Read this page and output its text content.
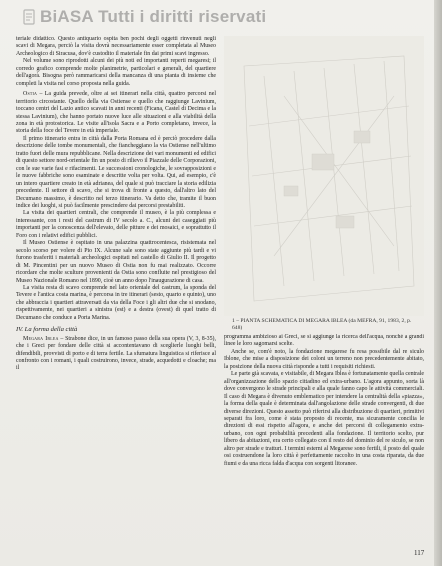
BiASA Tutti i diritti riservati

teriale didattico. Questo antiquario ospita ben pochi degli oggetti rinvenuti negli scavi di Megara, perciò la visita dovrà necessariamente esser completata al Museo Archeologico di Siracusa, dov'è custodito il materiale fin dai primi scavi ingresso.

Nel volume sono riprodotti alcuni dei più noti ed importanti reperti megaresi; il corredo grafico comprende molte planimetrie, particolari e generali, del quartiere dell'agorà. Bisogna però rammaricarsi della mancanza di una pianta di insieme che completi la visita nel corso proposta nella guida.

Ostia – La guida prevede, oltre ai sei itinerari nella città, quattro percorsi nel territorio circostante. Quello della via Ostiense e quello che raggiunge Lavinium, toccano centri del Lazio antico scavati in anni recenti (Ficana, Castel di Decima e la stessa Lavinium), che hanno portato nuove luce alle situazioni e alla viabilità della zona in età protostorica. Le visite all'isola Sacra e a Porto completano, invece, la storia della foce del Tevere in età imperiale.

Il primo itinerario entra in città dalla Porta Romana ed è perciò procedere dalla descrizione delle tombe monumentali, che fiancheggiano la via Ostiense nell'ultimo tratto fuori delle mura repubblicane. Nella descrizione dei vari monumenti ed edifici di questo settore nord-orientale fin un posto di rilievo il Piazzale delle Corporazioni, con le sue varie fasi e rifacimenti. Le successioni cronologiche, le sovrapposizioni e le nuove fabbriche sono esaminate e descritte volta per volta. Qui, ad esempio, c'è un intero quartiere creato in età adrianea, del quale si può tracciare la storia edilizia precedente. Il settore di scavo, che si trova di fronte a questo, dall'altro lato del Decumano massimo, è descritto nel terzo itinerario. Va detto che, tramite il buon indice dei luoghi, si può facilmente prescindere dai percorsi prestabiliti.

La visita dei quartieri centrali, che comprende il museo, è la più complessa e interessante, con i resti del castrum di IV secolo a. C., alcuni dei caseggiati più importanti per la conoscenza dell'elevato, delle pitture e dei mosaici, e soprattutto il Foro con i relativi edifici pubblici.

Il Museo Ostiense è ospitato in una palazzina quattrocentesca, risistemata nel secolo scorso per volere di Pio IX. Alcune sale sono state aggiunte più tardi e vi furono trasferiti i materiali archeologici ospitati nel castello di Giulio II. Il progetto di M. Pincentini per un nuovo Museo di Ostia non fu mai realizzato. Occorre ricordare che molte sculture provenienti da Ostia sono confluite nel prestigioso del Museo Nazionale Romano nel 1890, cioè un anno dopo l'inaugurazione di casa.

La visita resta di scavo comprende nel lato orientale del castrum, la sponda del Tevere e l'antica costa marina, è percorsa in tre itinerari (sesto, quarto e quinto), uno che abbraccia i quartieri attraversati da via della Foce i gli altri due che si snodano, rispettivamente, nei quartieri a sinistra (est) e a destra (ovest) di quel tratto di Decumano che conduce a Porta Marina.

IV. La forma della città

Megara Iblea – Strabone dice, in un famoso passo della sua opera (V, 3, 8-35), che i Greci per fondare delle città si accontentavano di sceglierle luoghi belli, difendibili, provvisti di porto e di terra fertile. La sfumatura linguistica si riferisce al confronto con i romani, i quali costruirono, invece, strade, acquedotti e cloache; ma il

1 – PIANTA SCHEMATICA DI MEGARA IBLEA (da MEFRA, 91, 1983, 2, p. 648)

programma ambizioso ai Greci, se si aggiunge la ricerca dell'acqua, nonché a grandi linee le loro sagomarsi scelte.

Anche se, com'è noto, la fondazione megarese fu resa possibile dal re siculo Iblone, che mise a disposizione dei coloni un terreno non precedentemente abitato, la posizione della nuova città risponde a tutti i requisiti richiesti.

Le parte già scavata, e visitabile, di Megara Iblea è fortunatamente quella centrale all'organizzazione dello spazio cittadino ed extra-urbano. L'agora appunto, sorta là dove convergono le strade principali e alla quale fanno capo le attività commerciali. Il caso di Megara è divenuto emblematico per intendere la centralità della «piazza», la forma della quale è determinata dall'angolazione delle strade convergenti, di due diverse direzioni. Questo assetto può riferirsi alla distribuzione di quartieri, primitivi separati fra loro, come è stata proposto di recente, ma sicuramente concilia le direzioni di essi rispetto all'agora, e anche dei percorsi di collegamento extra-urbano, con ogni probabilità precedenti alla fondazione. Il territorio scelto, pur libero da abitazioni, era certo collegato con il resto del dominio del re siculo, se non altro per strade e tratturi. I termini esterni al Megarese sono fertili, il posto del quale osi costruendone la loro città è perfettamente raccolto in una costa riparata, da due fiumi e da una ricca falda d'acqua con sorgenti litoranee.

117
